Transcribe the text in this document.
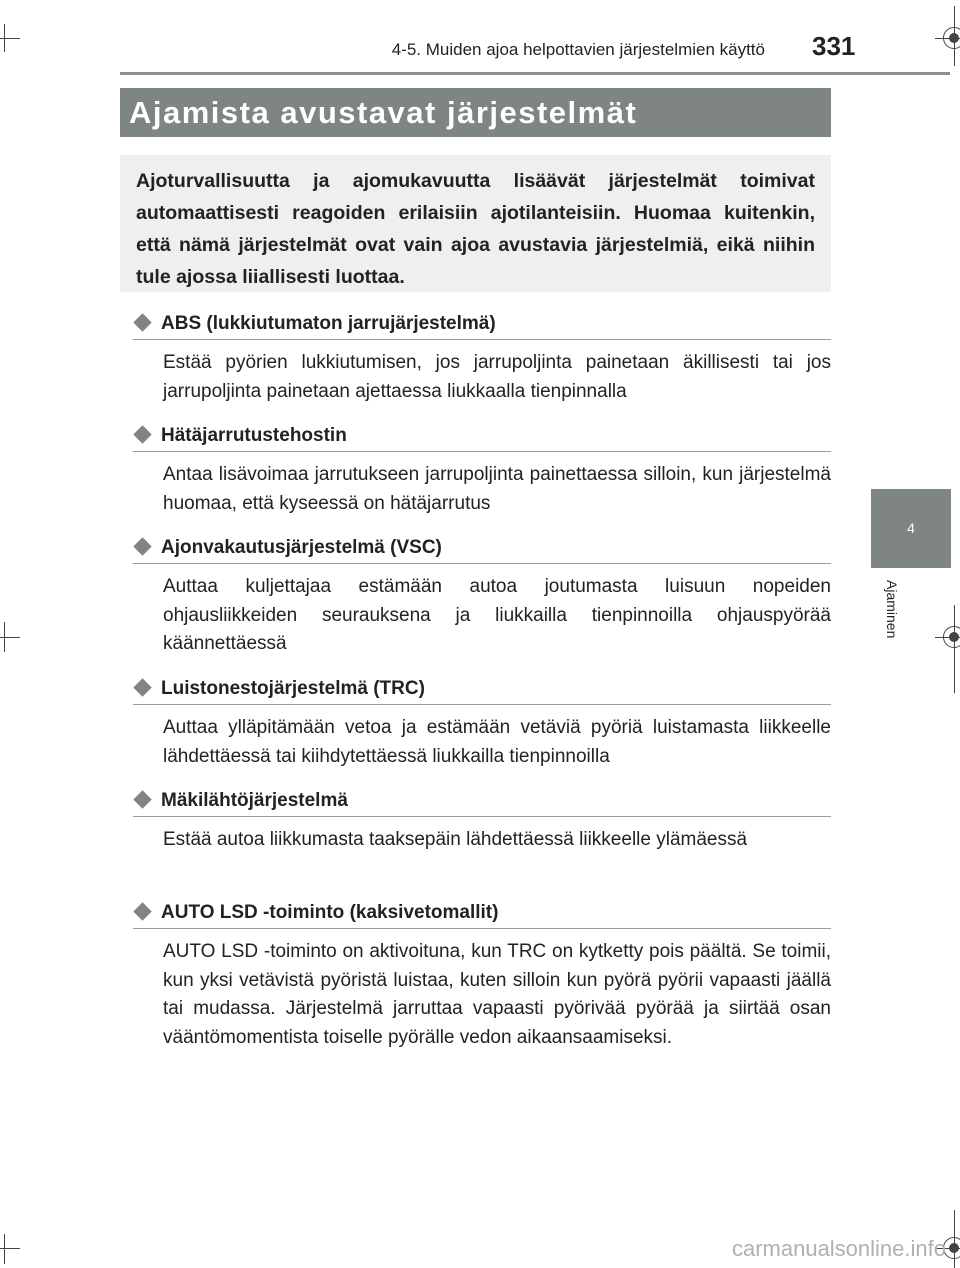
4-5. Muiden ajoa helpottavien järjestelmien käyttö 331
Ajamista avustavat järjestelmät
Ajoturvallisuutta ja ajomukavuutta lisäävät järjestelmät toimivat automaattisesti reagoiden erilaisiin ajotilanteisiin. Huomaa kuitenkin, että nämä järjestelmät ovat vain ajoa avustavia järjestelmiä, eikä niihin tule ajossa liiallisesti luottaa.
4
Ajaminen
ABS (lukkiutumaton jarrujärjestelmä)
Estää pyörien lukkiutumisen, jos jarrupoljinta painetaan äkillisesti tai jos jarrupoljinta painetaan ajettaessa liukkaalla tienpinnalla
Hätäjarrutustehostin
Antaa lisävoimaa jarrutukseen jarrupoljinta painettaessa silloin, kun järjestelmä huomaa, että kyseessä on hätäjarrutus
Ajonvakautusjärjestelmä (VSC)
Auttaa kuljettajaa estämään autoa joutumasta luisuun nopeiden ohjausliikkeiden seurauksena ja liukkailla tienpinnoilla ohjauspyörää käännettäessä
Luistonestojärjestelmä (TRC)
Auttaa ylläpitämään vetoa ja estämään vetäviä pyöriä luistamasta liikkeelle lähdettäessä tai kiihdytettäessä liukkailla tienpinnoilla
Mäkilähtöjärjestelmä
Estää autoa liikkumasta taaksepäin lähdettäessä liikkeelle ylämäessä
AUTO LSD -toiminto (kaksivetomallit)
AUTO LSD -toiminto on aktivoituna, kun TRC on kytketty pois päältä. Se toimii, kun yksi vetävistä pyöristä luistaa, kuten silloin kun pyörä pyörii vapaasti jäällä tai mudassa. Järjestelmä jarruttaa vapaasti pyörivää pyörää ja siirtää osan vääntömomentista toiselle pyörälle vedon aikaansaamiseksi.
carmanualsonline.info
